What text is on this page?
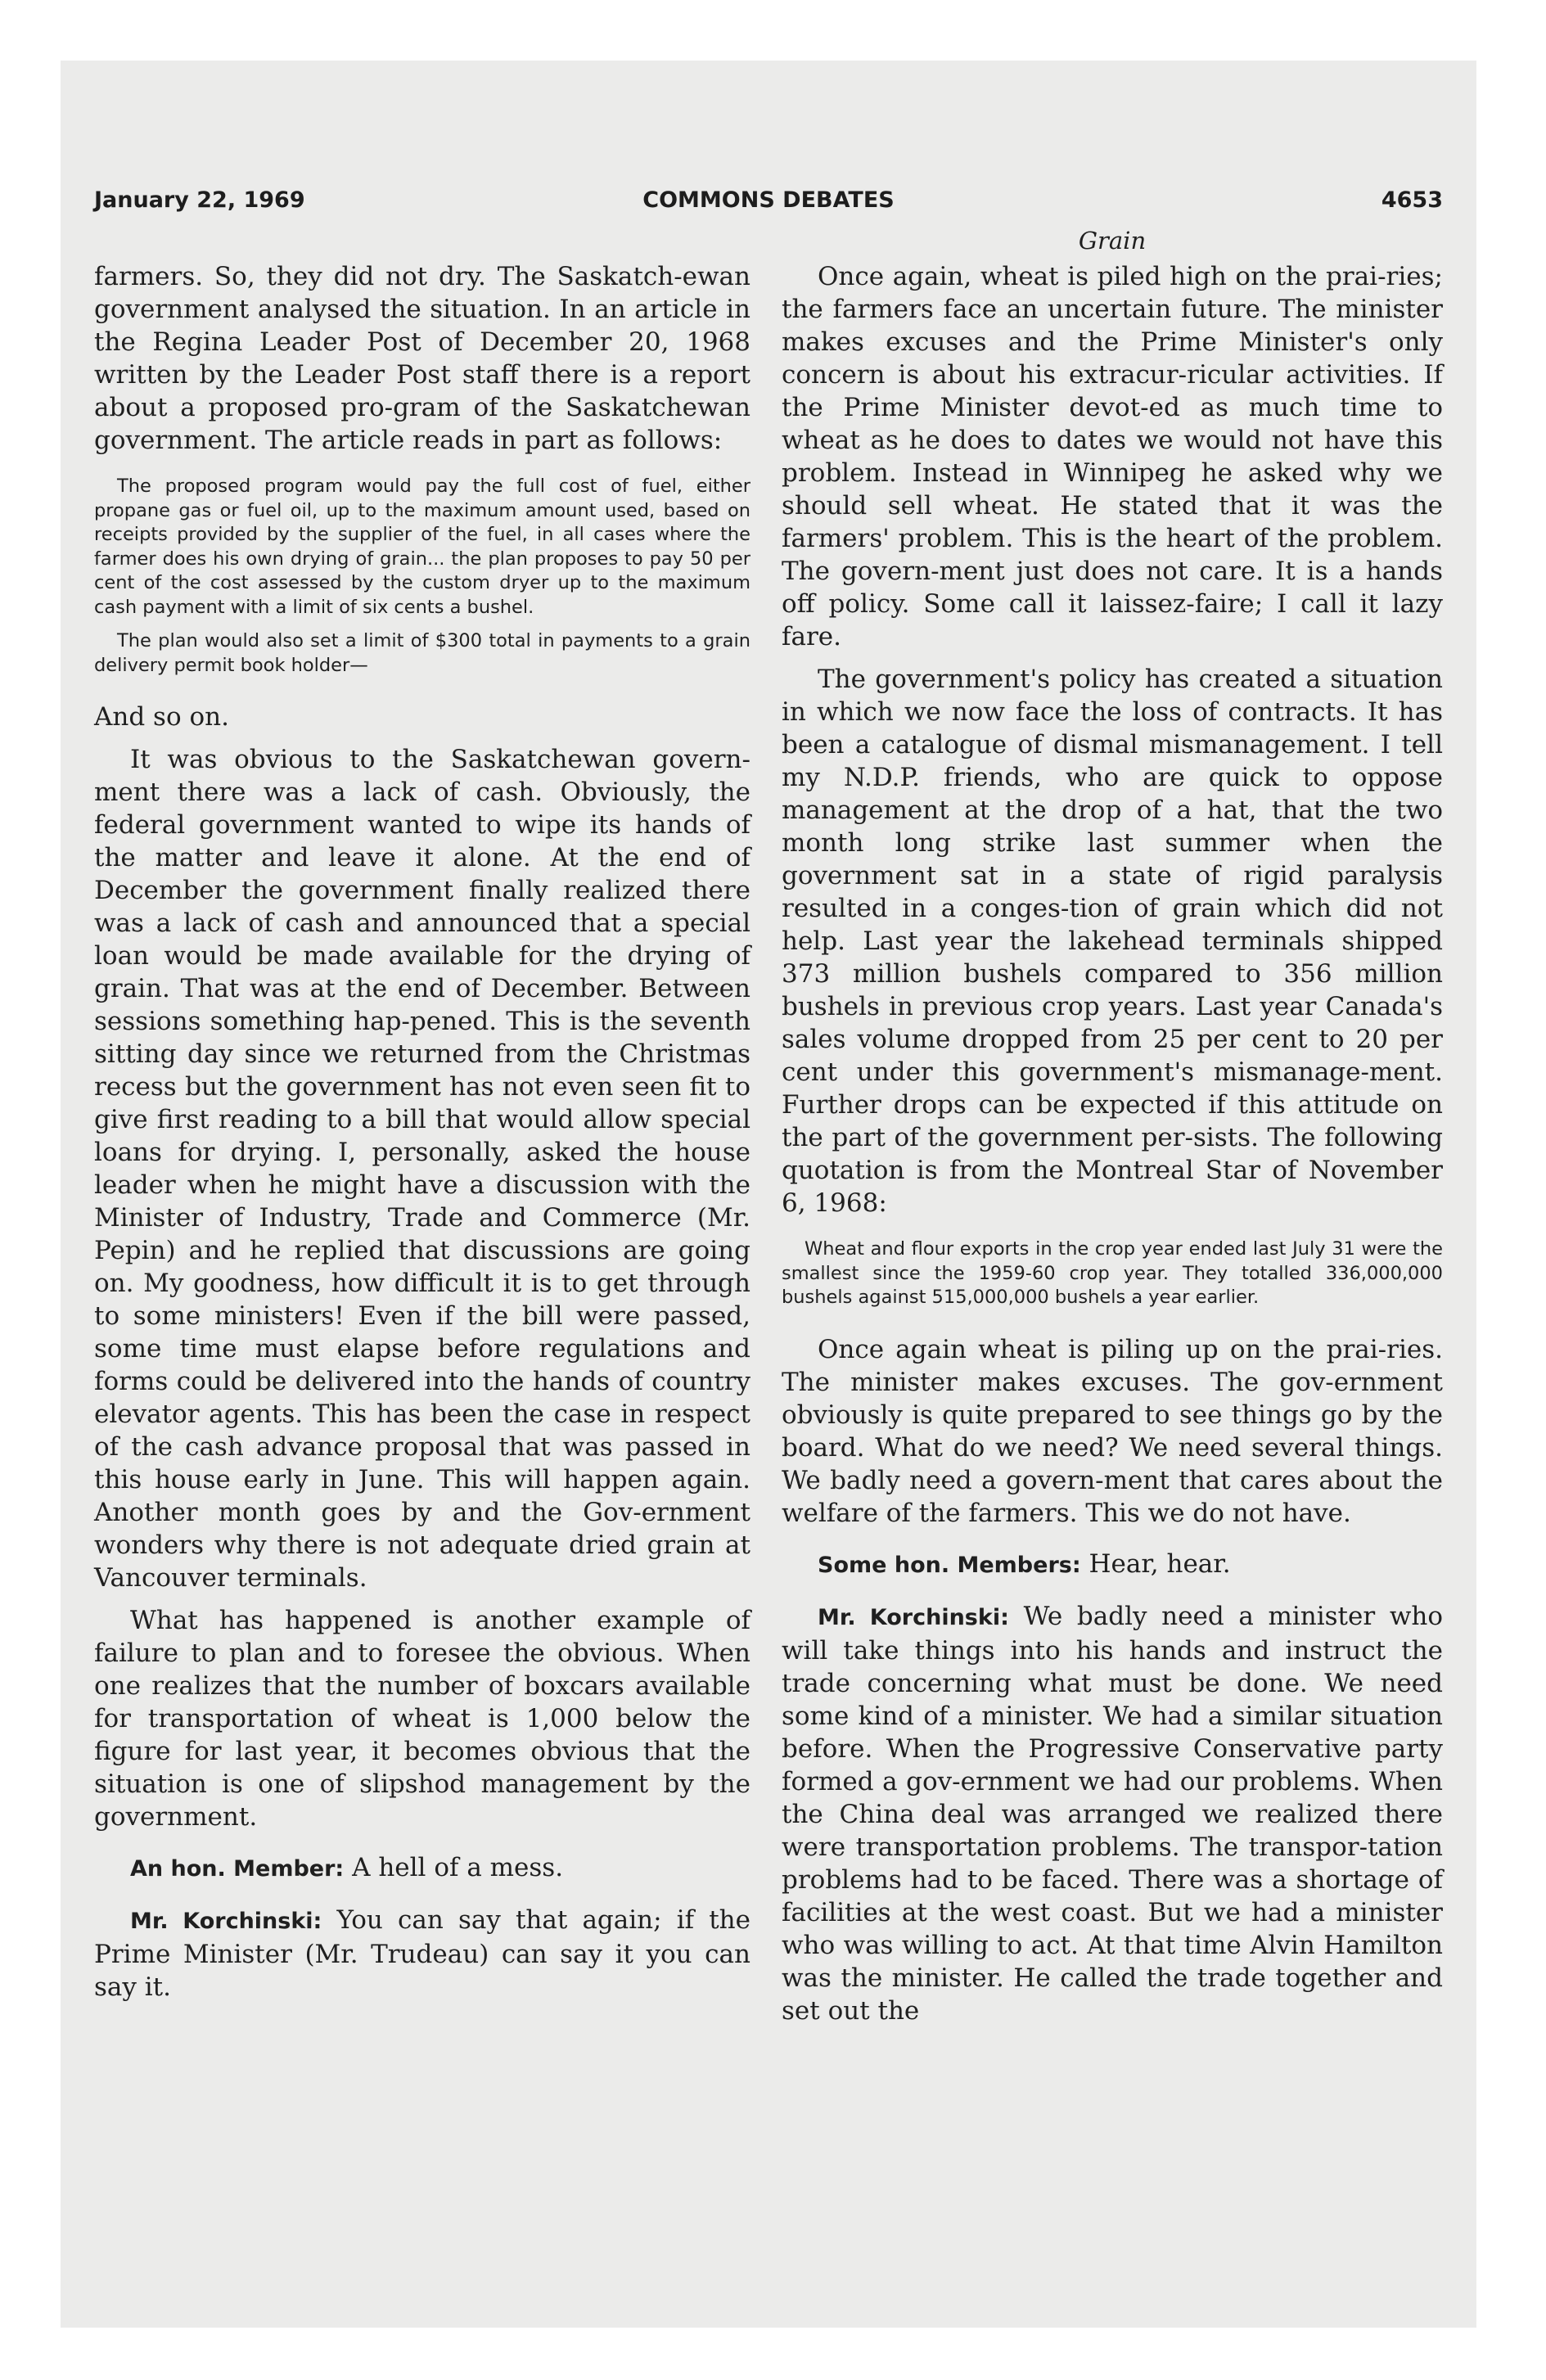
January 22, 1969	COMMONS DEBATES	4653

farmers. So, they did not dry. The Saskatch-ewan government analysed the situation. In an article in the Regina Leader Post of December 20, 1968 written by the Leader Post staff there is a report about a proposed pro-gram of the Saskatchewan government. The article reads in part as follows:

The proposed program would pay the full cost of fuel, either propane gas or fuel oil, up to the maximum amount used, based on receipts provided by the supplier of the fuel, in all cases where the farmer does his own drying of grain... the plan proposes to pay 50 per cent of the cost assessed by the custom dryer up to the maximum cash payment with a limit of six cents a bushel.
The plan would also set a limit of $300 total in payments to a grain delivery permit book holder—

And so on.

It was obvious to the Saskatchewan govern-ment there was a lack of cash. Obviously, the federal government wanted to wipe its hands of the matter and leave it alone. At the end of December the government finally realized there was a lack of cash and announced that a special loan would be made available for the drying of grain. That was at the end of December. Between sessions something hap-pened. This is the seventh sitting day since we returned from the Christmas recess but the government has not even seen fit to give first reading to a bill that would allow special loans for drying. I, personally, asked the house leader when he might have a discussion with the Minister of Industry, Trade and Commerce (Mr. Pepin) and he replied that discussions are going on. My goodness, how difficult it is to get through to some ministers! Even if the bill were passed, some time must elapse before regulations and forms could be delivered into the hands of country elevator agents. This has been the case in respect of the cash advance proposal that was passed in this house early in June. This will happen again. Another month goes by and the Gov-ernment wonders why there is not adequate dried grain at Vancouver terminals.

What has happened is another example of failure to plan and to foresee the obvious. When one realizes that the number of boxcars available for transportation of wheat is 1,000 below the figure for last year, it becomes obvious that the situation is one of slipshod management by the government.

An hon. Member: A hell of a mess.

Mr. Korchinski: You can say that again; if the Prime Minister (Mr. Trudeau) can say it you can say it.

Grain

Once again, wheat is piled high on the prai-ries; the farmers face an uncertain future. The minister makes excuses and the Prime Minister's only concern is about his extracur-ricular activities. If the Prime Minister devot-ed as much time to wheat as he does to dates we would not have this problem. Instead in Winnipeg he asked why we should sell wheat. He stated that it was the farmers' problem. This is the heart of the problem. The govern-ment just does not care. It is a hands off policy. Some call it laissez-faire; I call it lazy fare.

The government's policy has created a situation in which we now face the loss of contracts. It has been a catalogue of dismal mismanagement. I tell my N.D.P. friends, who are quick to oppose management at the drop of a hat, that the two month long strike last summer when the government sat in a state of rigid paralysis resulted in a conges-tion of grain which did not help. Last year the lakehead terminals shipped 373 million bushels compared to 356 million bushels in previous crop years. Last year Canada's sales volume dropped from 25 per cent to 20 per cent under this government's mismanage-ment. Further drops can be expected if this attitude on the part of the government per-sists. The following quotation is from the Montreal Star of November 6, 1968:

Wheat and flour exports in the crop year ended last July 31 were the smallest since the 1959-60 crop year. They totalled 336,000,000 bushels against 515,000,000 bushels a year earlier.

Once again wheat is piling up on the prai-ries. The minister makes excuses. The gov-ernment obviously is quite prepared to see things go by the board. What do we need? We need several things. We badly need a govern-ment that cares about the welfare of the farmers. This we do not have.

Some hon. Members: Hear, hear.

Mr. Korchinski: We badly need a minister who will take things into his hands and instruct the trade concerning what must be done. We need some kind of a minister. We had a similar situation before. When the Progressive Conservative party formed a gov-ernment we had our problems. When the China deal was arranged we realized there were transportation problems. The transpor-tation problems had to be faced. There was a shortage of facilities at the west coast. But we had a minister who was willing to act. At that time Alvin Hamilton was the minister. He called the trade together and set out the
